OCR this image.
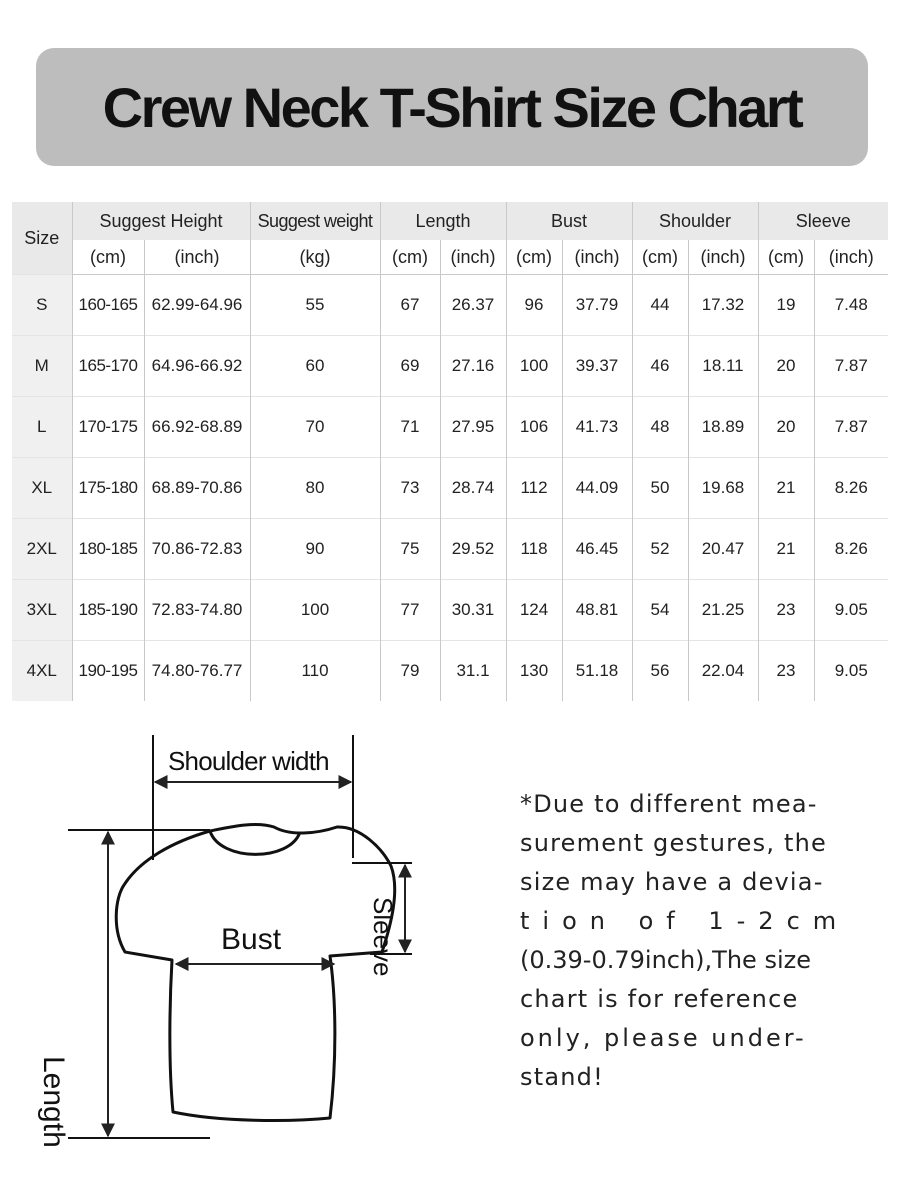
Crew Neck T-Shirt Size Chart
Size	Suggest Height		Suggest weight	Length		Bust		Shoulder		Sleeve	
	(cm)	(inch)	(kg)	(cm)	(inch)	(cm)	(inch)	(cm)	(inch)	(cm)	(inch)
S	160-165	62.99-64.96	55	67	26.37	96	37.79	44	17.32	19	7.48
M	165-170	64.96-66.92	60	69	27.16	100	39.37	46	18.11	20	7.87
L	170-175	66.92-68.89	70	71	27.95	106	41.73	48	18.89	20	7.87
XL	175-180	68.89-70.86	80	73	28.74	112	44.09	50	19.68	21	8.26
2XL	180-185	70.86-72.83	90	75	29.52	118	46.45	52	20.47	21	8.26
3XL	185-190	72.83-74.80	100	77	30.31	124	48.81	54	21.25	23	9.05
4XL	190-195	74.80-76.77	110	79	31.1	130	51.18	56	22.04	23	9.05
Shoulder width
Bust	Sleeve
Length

*Due to different mea-
surement gestures, the
size may have a devia-
tion of 1-2cm
(0.39-0.79inch),The size
chart is for reference
only, please under-
stand!
